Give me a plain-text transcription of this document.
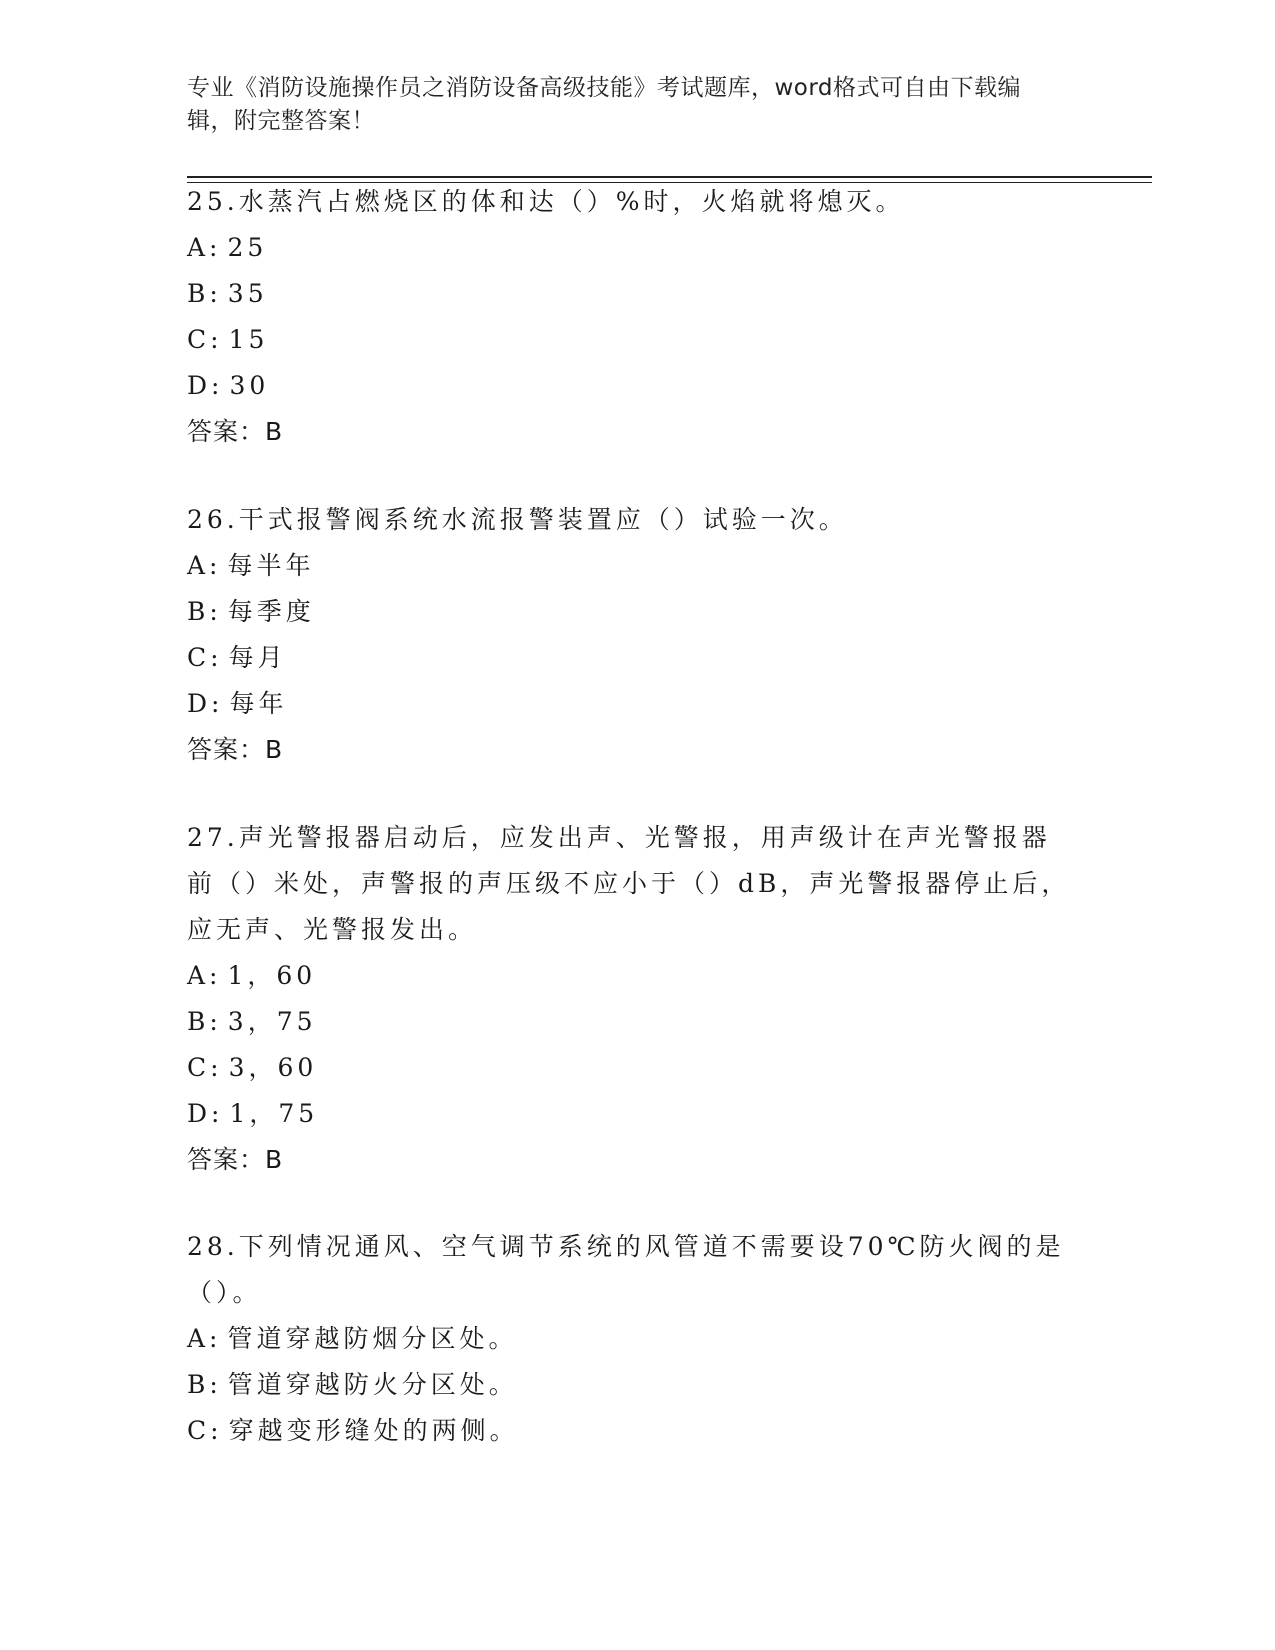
专业《消防设施操作员之消防设备高级技能》考试题库，word格式可自由下载编辑，附完整答案！
25.水蒸汽占燃烧区的体和达（）%时，火焰就将熄灭。
A: 25
B: 35
C: 15
D: 30
答案：B
26.干式报警阀系统水流报警装置应（）试验一次。
A: 每半年
B: 每季度
C: 每月
D: 每年
答案：B
27.声光警报器启动后，应发出声、光警报，用声级计在声光警报器前（）米处，声警报的声压级不应小于（）dB，声光警报器停止后，应无声、光警报发出。
A: 1，60
B: 3，75
C: 3，60
D: 1，75
答案：B
28.下列情况通风、空气调节系统的风管道不需要设70℃防火阀的是（）。
A: 管道穿越防烟分区处。
B: 管道穿越防火分区处。
C: 穿越变形缝处的两侧。
